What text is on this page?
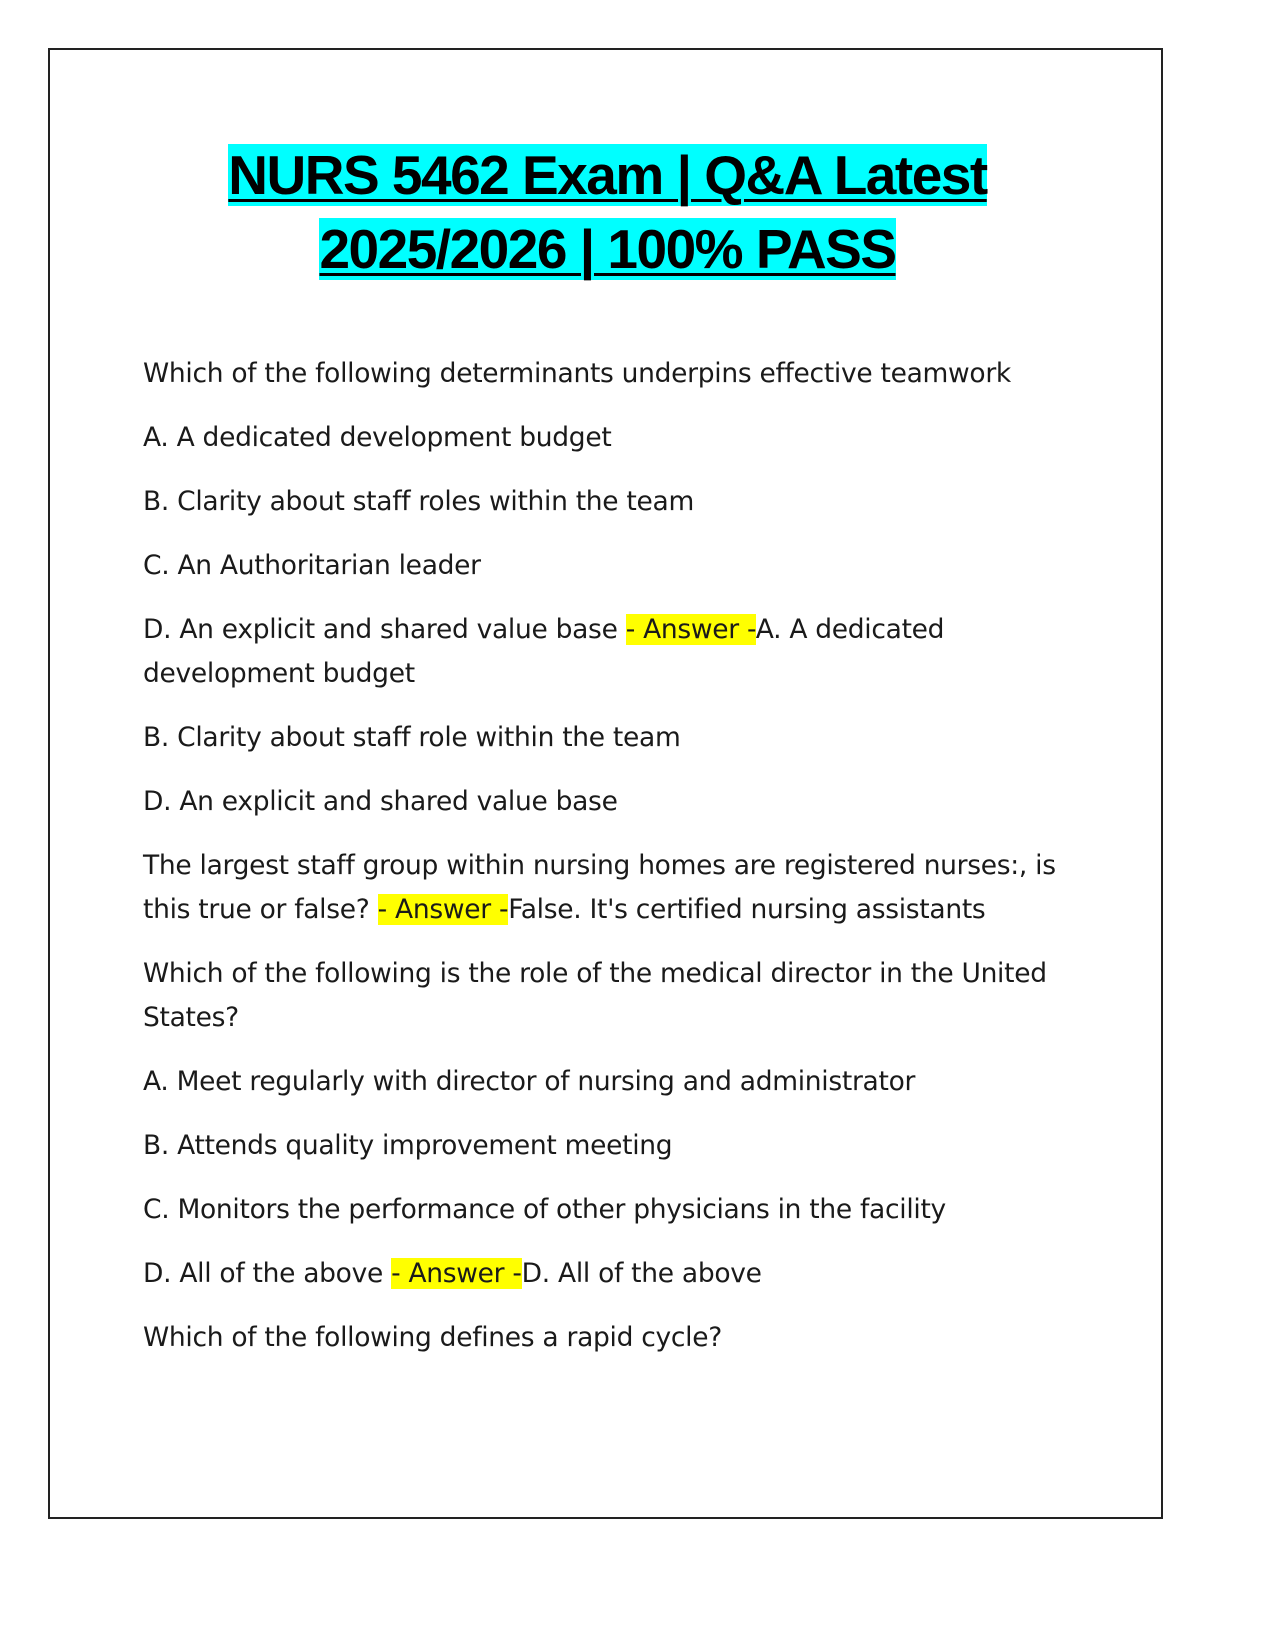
NURS 5462 Exam | Q&A Latest
2025/2026 | 100% PASS

Which of the following determinants underpins effective teamwork

A. A dedicated development budget

B. Clarity about staff roles within the team

C. An Authoritarian leader

D. An explicit and shared value base - Answer -A. A dedicated development budget

B. Clarity about staff role within the team

D. An explicit and shared value base

The largest staff group within nursing homes are registered nurses:, is this true or false? - Answer -False. It's certified nursing assistants

Which of the following is the role of the medical director in the United States?

A. Meet regularly with director of nursing and administrator

B. Attends quality improvement meeting

C. Monitors the performance of other physicians in the facility

D. All of the above - Answer -D. All of the above

Which of the following defines a rapid cycle?
